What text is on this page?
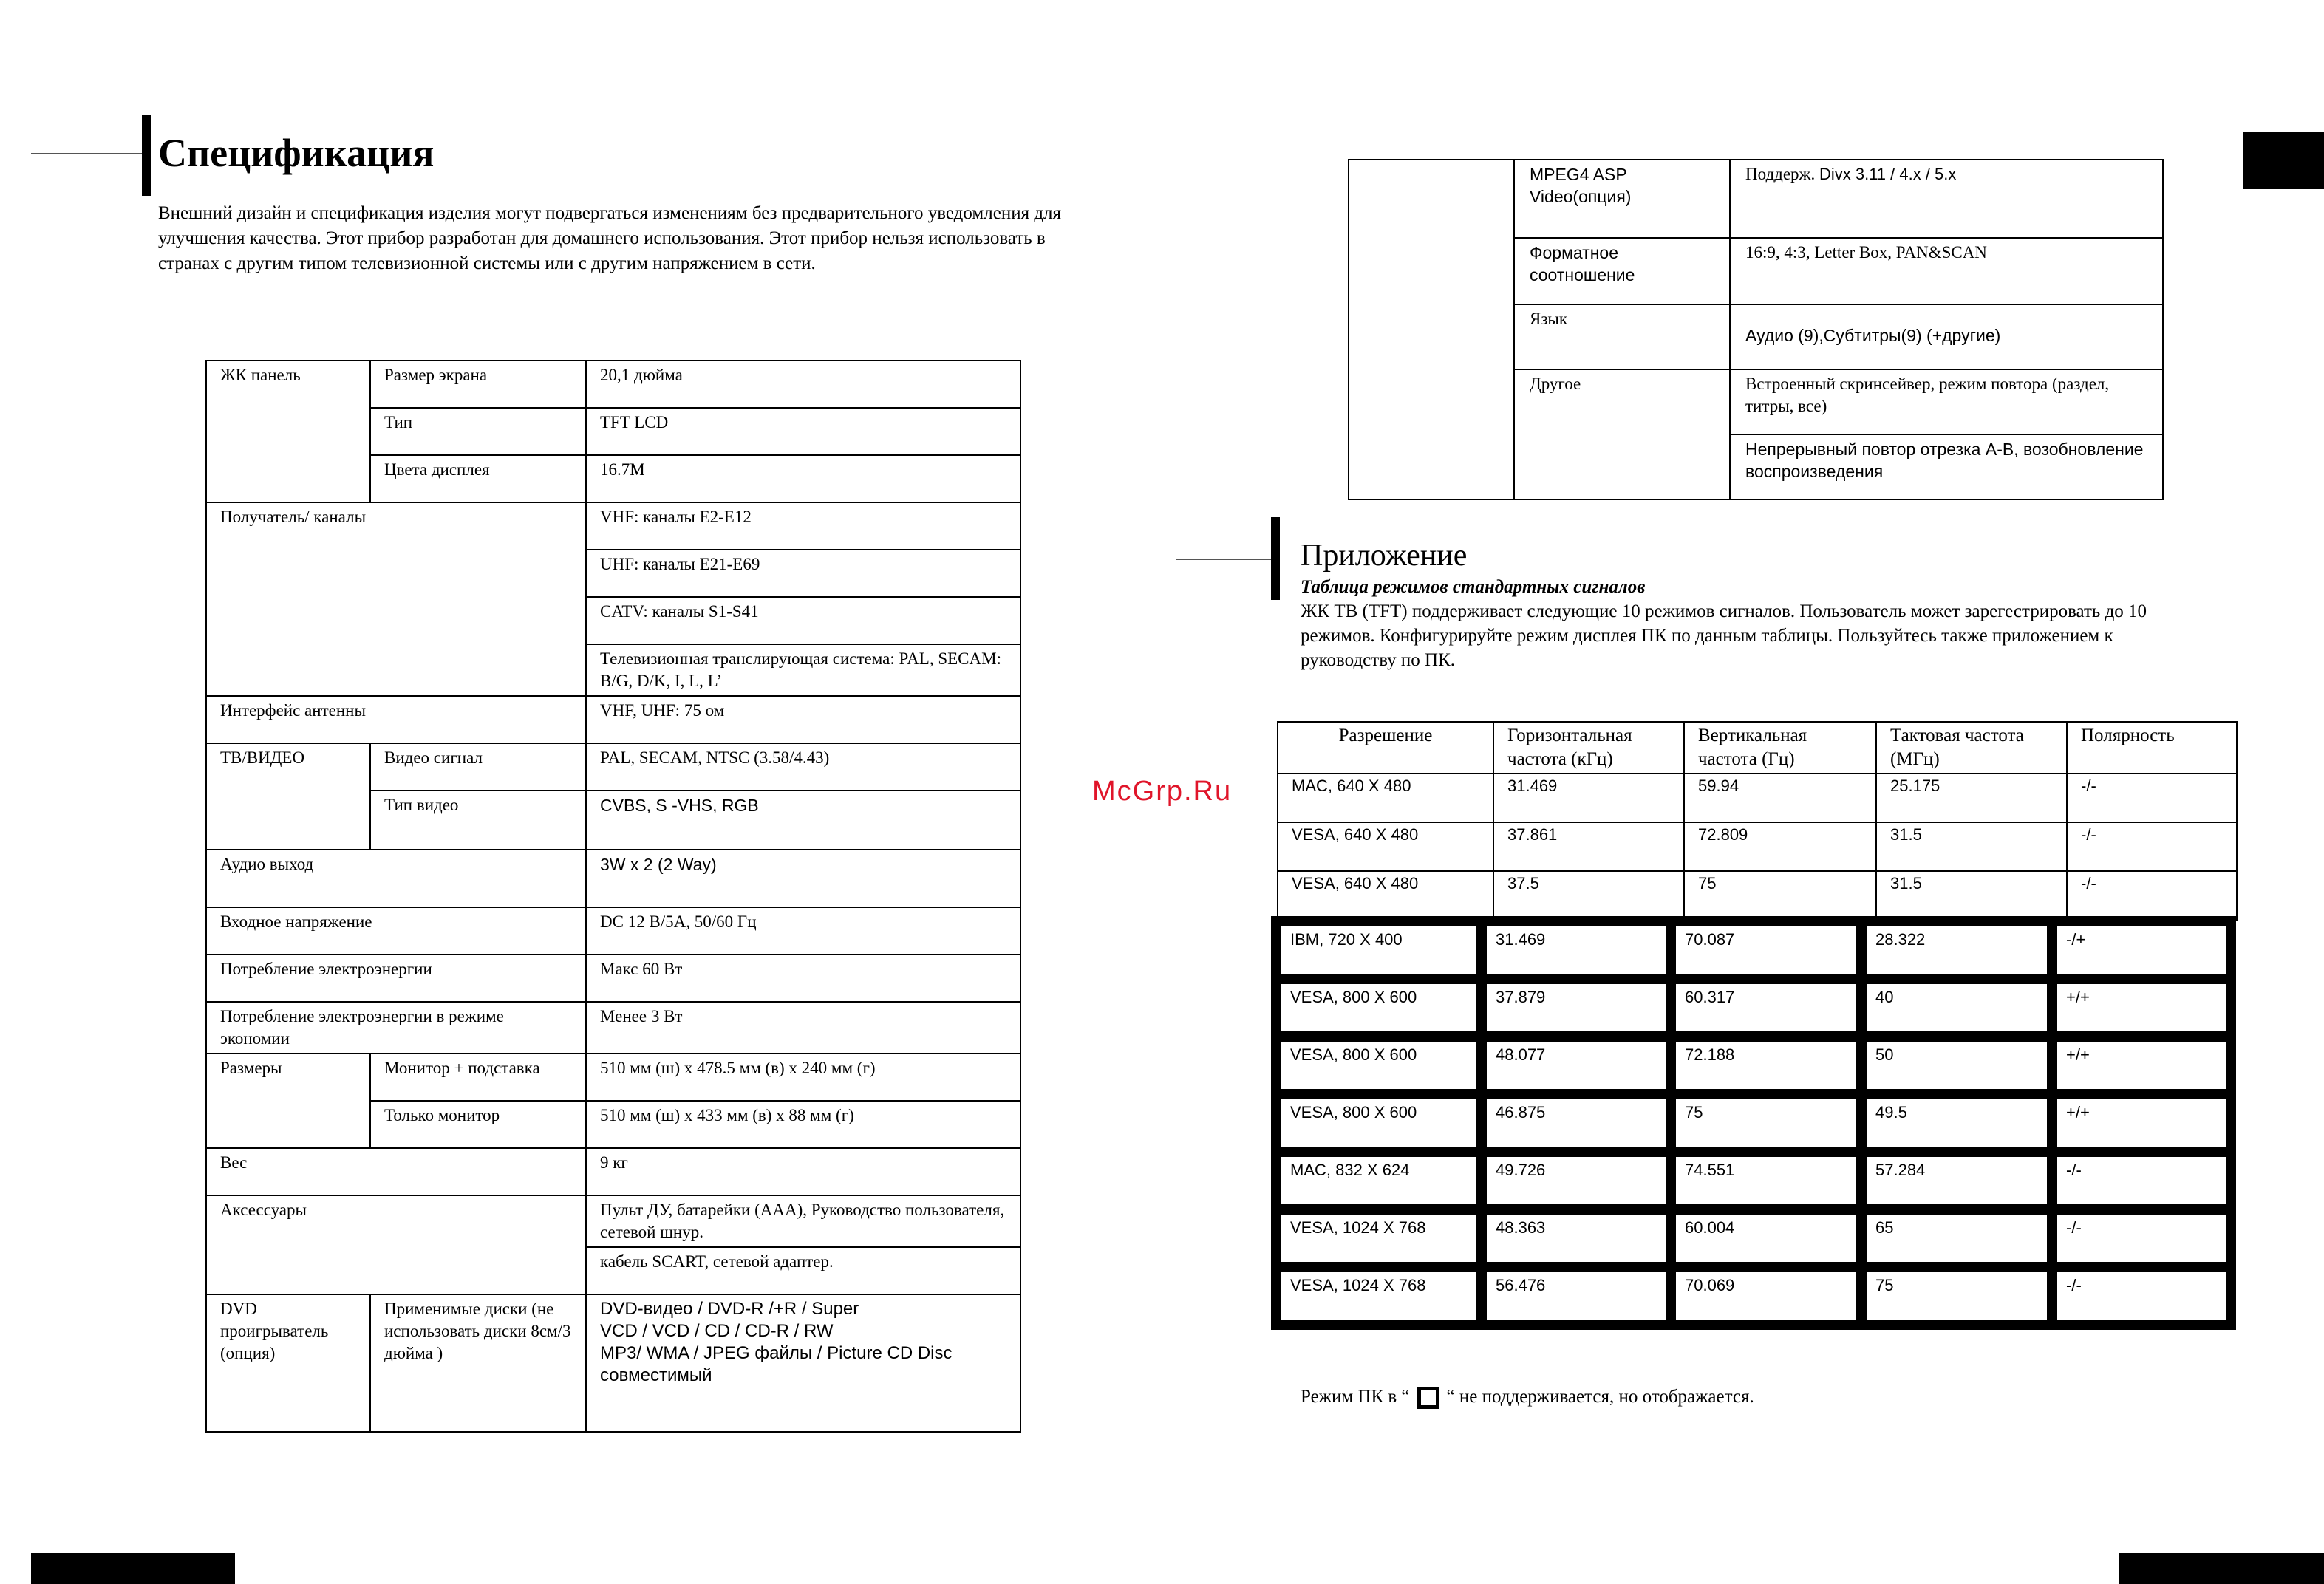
Спецификация
Внешний дизайн и спецификация изделия могут подвергаться изменениям без предварительного уведомления для улучшения качества. Этот прибор разработан для домашнего использования. Этот прибор нельзя использовать в странах с другим типом телевизионной системы или с другим напряжением в сети.
ЖК панель	Размер экрана	20,1 дюйма
	Тип	TFT LCD
	Цвета дисплея	16.7M
Получатель/ каналы		VHF: каналы E2-E12
		UHF: каналы E21-E69
		CATV: каналы S1-S41
		Телевизионная транслирующая система: PAL, SECAM: B/G, D/K, I, L, L’
Интерфейс антенны		VHF, UHF: 75 ом
ТВ/ВИДЕО	Видео сигнал	PAL, SECAM, NTSC (3.58/4.43)
	Тип видео	CVBS, S -VHS, RGB
Аудио выход		3W x 2 (2 Way)
Входное напряжение		DC 12 В/5А, 50/60 Гц
Потребление электроэнергии		Макс 60 Вт
Потребление электроэнергии в режиме экономии		Менее 3 Вт
Размеры	Монитор + подставка	510 мм (ш) x 478.5 мм (в) x 240 мм (г)
	Только монитор	510 мм (ш) x 433 мм (в) x 88 мм (г)
Вес		9 кг
Аксессуары		Пульт ДУ, батарейки (ААА), Руководство пользователя, сетевой шнур.
		кабель SCART, сетевой адаптер.
DVD проигрыватель (опция)	Применимые диски (не использовать диски 8см/3 дюйма )	DVD-видео / DVD-R /+R / Super
VCD / VCD / CD / CD-R / RW
MP3/ WMA / JPEG файлы / Picture CD Disc
совместимый
McGrp.Ru
	MPEG4 ASP Video(опция)	Поддерж. Divx 3.11 / 4.x / 5.x
	Форматное соотношение	16:9, 4:3, Letter Box, PAN&SCAN
	Язык	Аудио (9),Субтитры(9) (+другие)
	Другое	Встроенный скринсейвер, режим повтора (раздел, титры, все)
		Непрерывный повтор отрезка А-В, возобновление воспроизведения
Приложение
Таблица режимов стандартных сигналов
ЖК ТВ (TFT) поддерживает следующие 10 режимов сигналов. Пользователь может зарегестрировать до 10 режимов. Конфигурируйте режим дисплея ПК по данным таблицы. Пользуйтесь также приложением к руководству по ПК.
Разрешение	Горизонтальная частота (кГц)	Вертикальная частота (Гц)	Тактовая частота (МГц)	Полярность
MAC, 640 X 480	31.469	59.94	25.175	-/-
VESA, 640 X 480	37.861	72.809	31.5	-/-
VESA, 640 X 480	37.5	75	31.5	-/-
IBM, 720 X 400	31.469	70.087	28.322	-/+
VESA, 800 X 600	37.879	60.317	40	+/+
VESA, 800 X 600	48.077	72.188	50	+/+
VESA, 800 X 600	46.875	75	49.5	+/+
MAC, 832 X 624	49.726	74.551	57.284	-/-
VESA, 1024 X 768	48.363	60.004	65	-/-
VESA, 1024 X 768	56.476	70.069	75	-/-
Режим ПК в “ “ не поддерживается, но отображается.
